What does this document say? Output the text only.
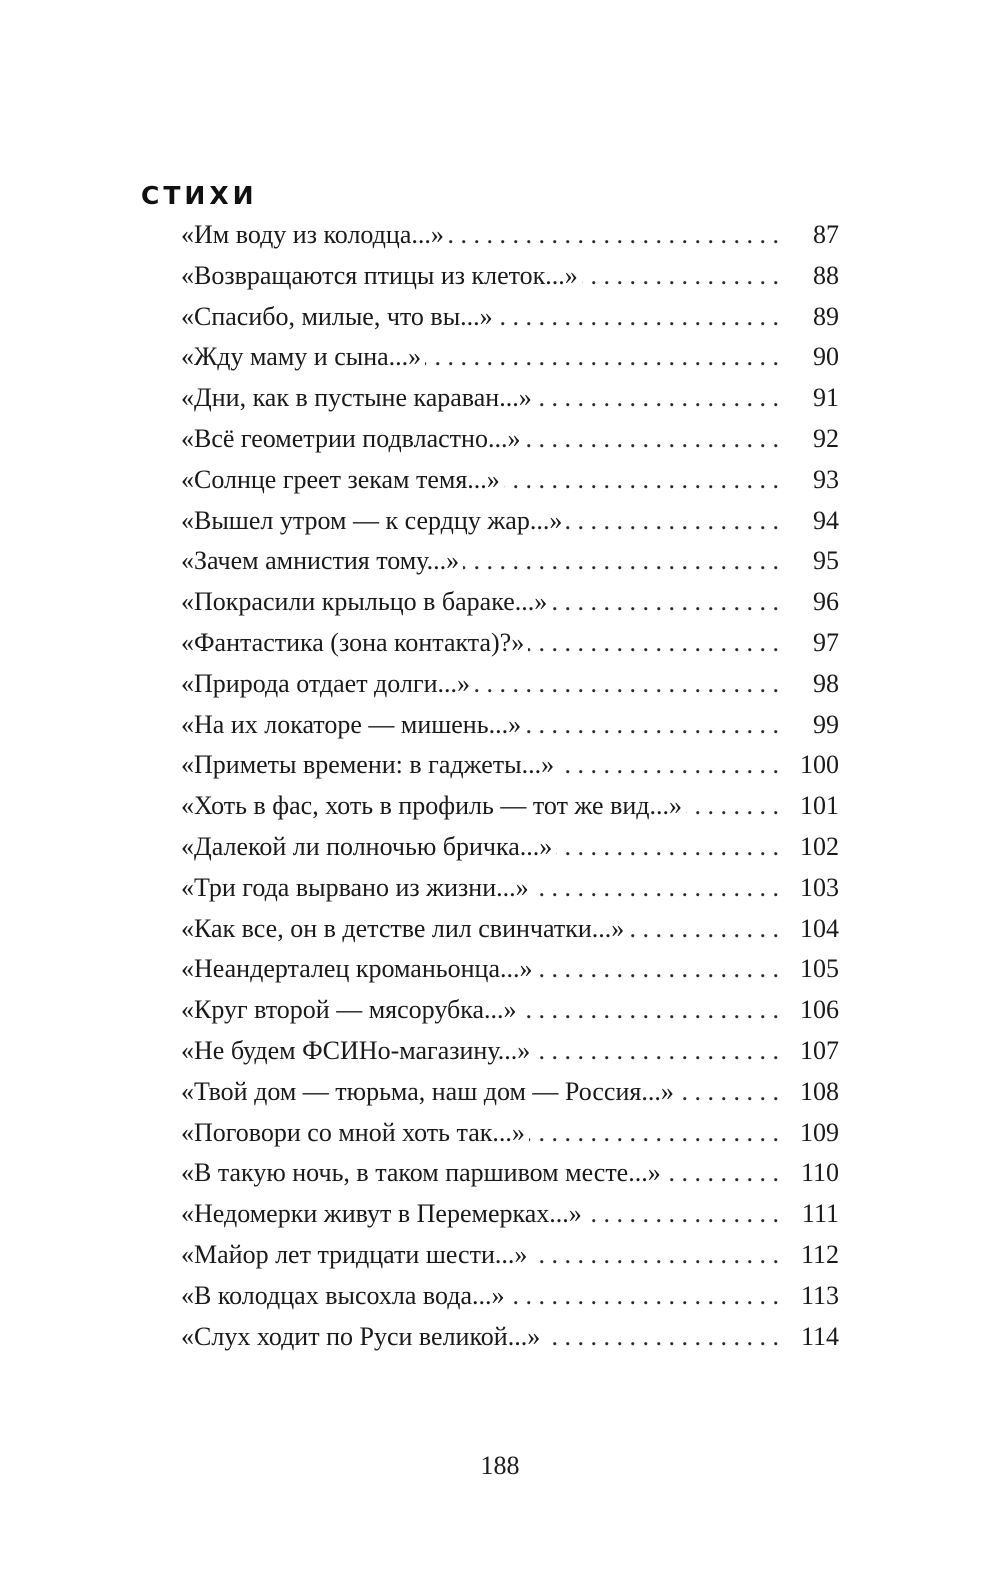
СТИХИ
«Им воду из колодца...» . . .	87
«Возвращаются птицы из клеток...» . . .	88
«Спасибо, милые, что вы...» . . .	89
«Жду маму и сына...» . . .	90
«Дни, как в пустыне караван...» . . .	91
«Всё геометрии подвластно...» . . .	92
«Солнце греет зекам темя...» . . .	93
«Вышел утром — к сердцу жар...» . . .	94
«Зачем амнистия тому...» . . .	95
«Покрасили крыльцо в бараке...» . . .	96
«Фантастика (зона контакта)?» . . .	97
«Природа отдает долги...» . . .	98
«На их локаторе — мишень...» . . .	99
«Приметы времени: в гаджеты...» . . .	100
«Хоть в фас, хоть в профиль — тот же вид...» . . .	101
«Далекой ли полночью бричка...» . . .	102
«Три года вырвано из жизни...» . . .	103
«Как все, он в детстве лил свинчатки...» . . .	104
«Неандерталец кроманьонца...» . . .	105
«Круг второй — мясорубка...» . . .	106
«Не будем ФСИНо-магазину...» . . .	107
«Твой дом — тюрьма, наш дом — Россия...» . . .	108
«Поговори со мной хоть так...» . . .	109
«В такую ночь, в таком паршивом месте...» . . .	110
«Недомерки живут в Перемерках...» . . .	111
«Майор лет тридцати шести...» . . .	112
«В колодцах высохла вода...» . . .	113
«Слух ходит по Руси великой...» . . .	114
188
